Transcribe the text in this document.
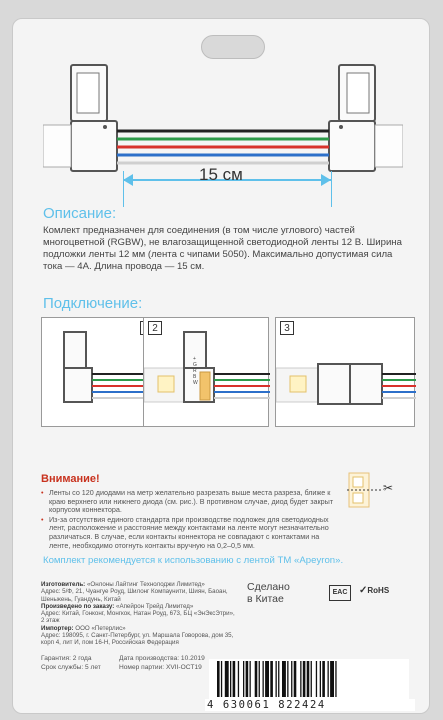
15 см
Описание:
Комлект предназначен для соединения (в том числе углового) частей многоцветной (RGBW), не влагозащищенной светодиодной ленты 12 В. Ширина подложки ленты 12 мм (лента с чипами 5050). Максимально допустимая сила тока — 4А. Длина провода — 15 см.
Подключение:
2
+
G
R
B
W
3
Внимание!
• Ленты со 120 диодами на метр желательно разрезать выше места разреза, ближе к краю верхнего или нижнего диода (см. рис.). В противном случае, диод будет закрыт корпусом коннектора.
• Из-за отсутствия единого стандарта при производстве подложек для светодиодных лент, расположение и расстояние между контактами на ленте могут незначительно различаться. В случае, если контакты коннектора не совпадают с контактами на ленте, необходимо отогнуть контакты вручную на 0,2–0,5 мм.
✂
Комплект рекомендуется к использованию с лентой ТМ «Apeyron».
Изготовитель: «Онлоны Лайтинг Технолоджи Лимитед»
Адрес: 5/Ф, 21, Чуангуе Роуд, Шилонг Компаунити, Шиян, Баоан, Шеньжень, Гуандунь, Китай
Произведено по заказу: «Апейрон Трейд Лимитед»
Адрес: Китай, Гонконг, Монгкок, Натан Роуд, 673, БЦ «ЭнЭксЭтри», 2 этаж
Импортер: ООО «Петерлис»
Адрес: 198095, г. Санкт-Петербург, ул. Маршала Говорова, дом 35, корп 4, лит И, пом 16-Н, Российская Федерация
Сделано
в Китае
EAC	✓RoHS
Гарантия: 2 года
Срок службы: 5 лет
Дата производства: 10.2019
Номер партии: XVII-OCT19
4 630061 822424
